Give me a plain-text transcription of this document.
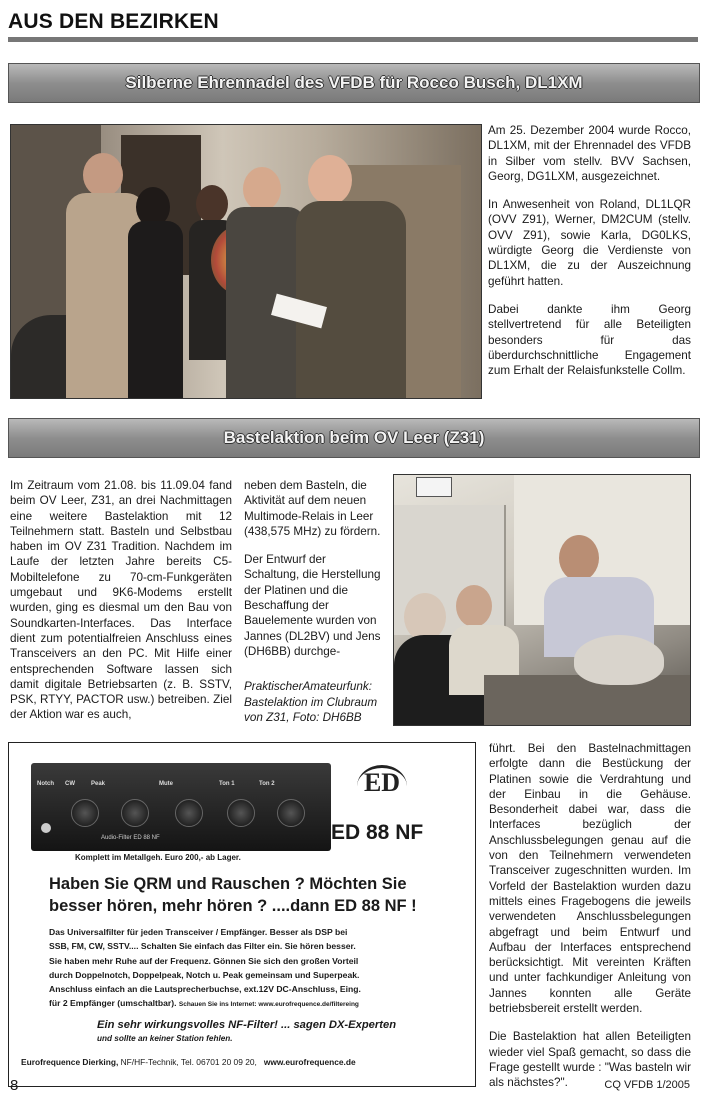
AUS DEN BEZIRKEN
Silberne Ehrennadel des VFDB für Rocco Busch, DL1XM

Am 25. Dezember 2004 wurde Rocco, DL1XM, mit der Ehrennadel des VFDB in Silber vom stellv. BVV Sachsen, Georg, DG1LXM, ausgezeichnet.

In Anwesenheit von Roland, DL1LQR (OVV Z91), Werner, DM2CUM (stellv. OVV Z91), sowie Karla, DG0LKS, würdigte Georg die Verdienste von DL1XM, die zu der Auszeichnung geführt hatten.

Dabei dankte ihm Georg stellvertretend für alle Beteiligten besonders für das überdurchschnittliche Engagement zum Erhalt der Relaisfunkstelle Collm.

Bastelaktion beim OV Leer (Z31)

Im Zeitraum vom 21.08. bis 11.09.04 fand beim OV Leer, Z31, an drei Nachmittagen eine weitere Bastelaktion mit 12 Teilnehmern statt. Basteln und Selbstbau haben im OV Z31 Tradition. Nachdem im Laufe der letzten Jahre bereits C5-Mobiltelefone zu 70-cm-Funkgeräten umgebaut und 9K6-Modems erstellt wurden, ging es diesmal um den Bau von Soundkarten-Interfaces. Das Interface dient zum potentialfreien Anschluss eines Transceivers an den PC. Mit Hilfe einer entsprechenden Software lassen sich damit digitale Betriebsarten (z. B. SSTV, PSK, RTYY, PACTOR usw.) betreiben. Ziel der Aktion war es auch,

neben dem Basteln, die Aktivität auf dem neuen Multimode-Relais in Leer (438,575 MHz) zu fördern.

Der Entwurf der Schaltung, die Herstellung der Platinen und die Beschaffung der Bauelemente wurden von Jannes (DL2BV) und Jens (DH6BB) durchge-

PraktischerAmateurfunk: Bastelaktion im Clubraum von Z31, Foto: DH6BB

führt. Bei den Bastelnachmittagen erfolgte dann die Bestückung der Platinen sowie die Verdrahtung und der Einbau in die Gehäuse. Besonderheit dabei war, dass die Interfaces bezüglich der Anschlussbelegungen genau auf die von den Teilnehmern verwendeten Transceiver zugeschnitten wurden. Im Vorfeld der Bastelaktion wurden dazu mittels eines Fragebogens die jeweils verwendeten Anschlussbelegungen abgefragt und beim Entwurf und Aufbau der Interfaces entsprechend berücksichtigt. Mit vereinten Kräften und unter fachkundiger Anleitung von Jannes konnten alle Geräte betriebsbereit erstellt werden.

Die Bastelaktion hat allen Beteiligten wieder viel Spaß gemacht, so dass die Frage gestellt wurde : "Was basteln wir als nächstes?".

Notch CW	Peak	Mute	Ton 1	Ton 2
Audio-Filter ED 88 NF
Komplett im Metallgeh. Euro 200,- ab Lager.
ED
ED 88 NF
Haben Sie QRM und Rauschen ? Möchten Sie
besser hören, mehr hören ? ....dann ED 88 NF !
Das Universalfilter für jeden Transceiver / Empfänger. Besser als DSP bei
SSB, FM, CW, SSTV.... Schalten Sie einfach das Filter ein. Sie hören besser.
Sie haben mehr Ruhe auf der Frequenz. Gönnen Sie sich den großen Vorteil
durch Doppelnotch, Doppelpeak, Notch u. Peak gemeinsam und Superpeak.
Anschluss einfach an die Lautsprecherbuchse, ext.12V DC-Anschluss, Eing.
für 2 Empfänger (umschaltbar). Schauen Sie ins Internet: www.eurofrequence.de/filtereing
Ein sehr wirkungsvolles NF-Filter! ... sagen DX-Experten
und sollte an keiner Station fehlen.
Eurofrequence Dierking, NF/HF-Technik, Tel. 06701 20 09 20, www.eurofrequence.de
8	CQ VFDB 1/2005
